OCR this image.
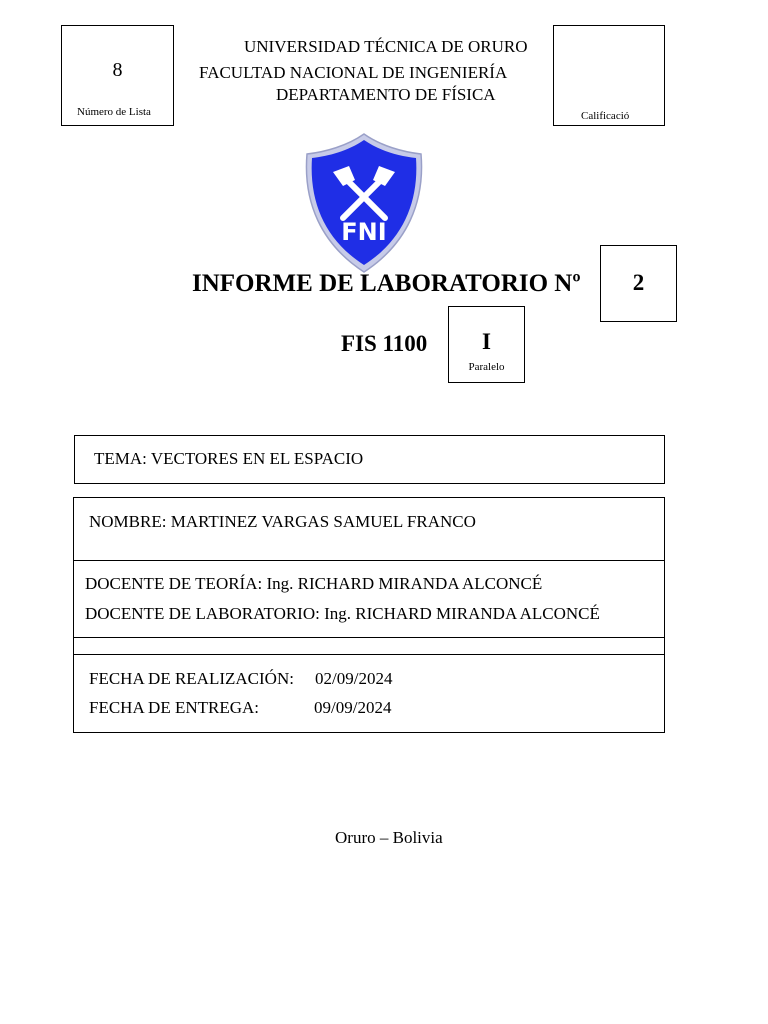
8
Número de Lista	Calificació
UNIVERSIDAD TÉCNICA DE ORURO
FACULTAD NACIONAL DE INGENIERÍA
DEPARTAMENTO DE FÍSICA
FNI
INFORME DE LABORATORIO Nº	2
FIS 1100	I
Paralelo
TEMA: VECTORES EN EL ESPACIO
NOMBRE: MARTINEZ VARGAS SAMUEL FRANCO
DOCENTE DE TEORÍA: Ing. RICHARD MIRANDA ALCONCÉ
DOCENTE DE LABORATORIO: Ing. RICHARD MIRANDA ALCONCÉ
FECHA DE REALIZACIÓN: 02/09/2024
FECHA DE ENTREGA:	09/09/2024
Oruro – Bolivia
